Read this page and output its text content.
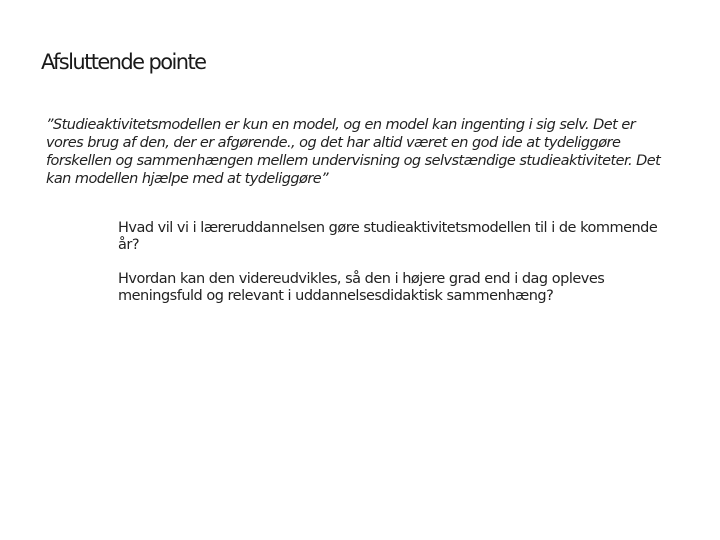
Afsluttende pointe

”Studieaktivitetsmodellen er kun en model, og en model kan ingenting i sig selv. Det er vores brug af den, der er afgørende., og det har altid været en god ide at tydeliggøre forskellen og sammenhængen mellem undervisning og selvstændige studieaktiviteter. Det kan modellen hjælpe med at tydeliggøre”

Hvad vil vi i læreruddannelsen gøre studieaktivitetsmodellen til i de kommende år?
Hvordan kan den videreudvikles, så den i højere grad end i dag opleves meningsfuld og relevant i uddannelsesdidaktisk sammenhæng?
